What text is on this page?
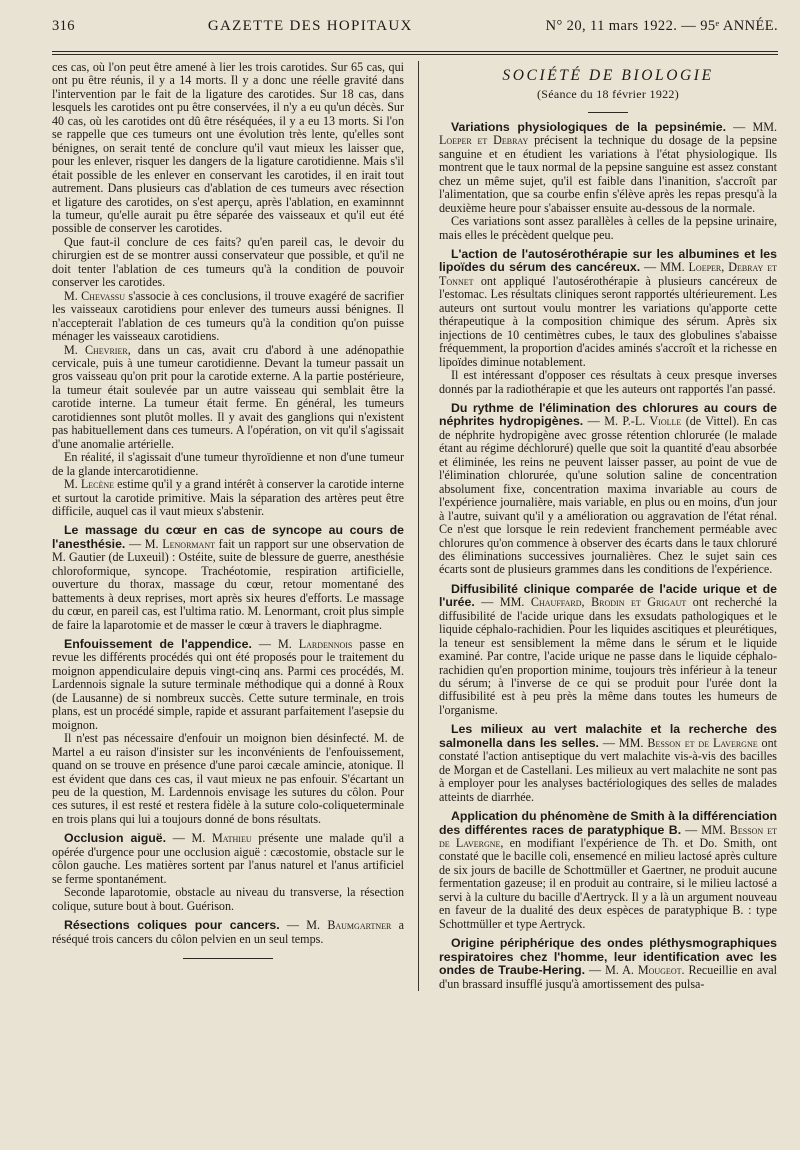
316	GAZETTE DES HOPITAUX	N° 20, 11 mars 1922. — 95ᵉ ANNÉE.

ces cas, où l'on peut être amené à lier les trois carotides. Sur 65 cas, qui ont pu être réunis, il y a 14 morts. Il y a donc une réelle gravité dans l'intervention par le fait de la ligature des carotides. Sur 18 cas, dans lesquels les carotides ont pu être conservées, il n'y a eu qu'un décès. Sur 40 cas, où les carotides ont dû être réséquées, il y a eu 13 morts. Si l'on se rappelle que ces tumeurs ont une évolution très lente, qu'elles sont bénignes, on serait tenté de conclure qu'il vaut mieux les laisser que, pour les enlever, risquer les dangers de la ligature carotidienne. Mais s'il était possible de les enlever en conservant les carotides, il en irait tout autrement. Dans plusieurs cas d'ablation de ces tumeurs avec résection et ligature des carotides, on s'est aperçu, après l'ablation, en examinnnt la tumeur, qu'elle aurait pu être séparée des vaisseaux et qu'il eut été possible de conserver les carotides.

Que faut-il conclure de ces faits? qu'en pareil cas, le devoir du chirurgien est de se montrer aussi conservateur que possible, et qu'il ne doit tenter l'ablation de ces tumeurs qu'à la condition de pouvoir conserver les carotides.

M. Chevassu s'associe à ces conclusions, il trouve exagéré de sacrifier les vaisseaux carotidiens pour enlever des tumeurs aussi bénignes. Il n'accepterait l'ablation de ces tumeurs qu'à la condition qu'on puisse ménager les vaisseaux carotidiens.

M. Chevrier, dans un cas, avait cru d'abord à une adénopathie cervicale, puis à une tumeur carotidienne. Devant la tumeur passait un gros vaisseau qu'on prit pour la carotide externe. A la partie postérieure, la tumeur était soulevée par un autre vaisseau qui semblait être la carotide interne. La tumeur était ferme. En général, les tumeurs carotidiennes sont plutôt molles. Il y avait des ganglions qui n'existent pas habituellement dans ces tumeurs. A l'opération, on vit qu'il s'agissait d'une anomalie artérielle.

En réalité, il s'agissait d'une tumeur thyroïdienne et non d'une tumeur de la glande intercarotidienne.

M. Lecène estime qu'il y a grand intérêt à conserver la carotide interne et surtout la carotide primitive. Mais la séparation des artères peut être difficile, auquel cas il vaut mieux s'abstenir.

Le massage du cœur en cas de syncope au cours de l'anesthésie. — M. Lenormant fait un rapport sur une observation de M. Gautier (de Luxeuil) : Ostéite, suite de blessure de guerre, anesthésie chloroformique, syncope. Trachéotomie, respiration artificielle, ouverture du thorax, massage du cœur, retour momentané des battements à deux reprises, mort après six heures d'efforts. Le massage du cœur, en pareil cas, est l'ultima ratio. M. Lenormant, croit plus simple de faire la laparotomie et de masser le cœur à travers le diaphragme.

Enfouissement de l'appendice. — M. Lardennois passe en revue les différents procédés qui ont été proposés pour le traitement du moignon appendiculaire depuis vingt-cinq ans. Parmi ces procédés, M. Lardennois signale la suture terminale méthodique qui a donné à Roux (de Lausanne) de si nombreux succès. Cette suture terminale, en trois plans, est un procédé simple, rapide et assurant parfaitement l'asepsie du moignon.

Il n'est pas nécessaire d'enfouir un moignon bien désinfecté. M. de Martel a eu raison d'insister sur les inconvénients de l'enfouissement, quand on se trouve en présence d'une paroi cæcale amincie, atonique. Il est évident que dans ces cas, il vaut mieux ne pas enfouir. S'écartant un peu de la question, M. Lardennois envisage les sutures du côlon. Pour ces sutures, il est resté et restera fidèle à la suture colo-coliqueterminale en trois plans qui lui a toujours donné de bons résultats.

Occlusion aiguë. — M. Mathieu présente une malade qu'il a opérée d'urgence pour une occlusion aiguë : cæcostomie, obstacle sur le côlon gauche. Les matières sortent par l'anus naturel et l'anus artificiel se ferme spontanément.

Seconde laparotomie, obstacle au niveau du transverse, la résection colique, suture bout à bout. Guérison.

Résections coliques pour cancers. — M. Baumgartner a réséqué trois cancers du côlon pelvien en un seul temps.

SOCIÉTÉ DE BIOLOGIE
(Séance du 18 février 1922)

Variations physiologiques de la pepsinémie. — MM. Loeper et Debray précisent la technique du dosage de la pepsine sanguine et en étudient les variations à l'état physiologique. Ils montrent que le taux normal de la pepsine sanguine est assez constant chez un même sujet, qu'il est faible dans l'inanition, s'accroît par l'alimentation, que sa courbe enfin s'élève après les repas presqu'à la deuxième heure pour s'abaisser ensuite au-dessous de la normale.

Ces variations sont assez parallèles à celles de la pepsine urinaire, mais elles le précèdent quelque peu.

L'action de l'autosérothérapie sur les albumines et les lipoïdes du sérum des cancéreux. — MM. Loeper, Debray et Tonnet ont appliqué l'autosérothérapie à plusieurs cancéreux de l'estomac. Les résultats cliniques seront rapportés ultérieurement. Les auteurs ont surtout voulu montrer les variations qu'apporte cette thérapeutique à la composition chimique des sérum. Après six injections de 10 centimètres cubes, le taux des globulines s'abaisse fréquemment, la proportion d'acides aminés s'accroît et la richesse en lipoïdes diminue notablement.

Il est intéressant d'opposer ces résultats à ceux presque inverses donnés par la radiothérapie et que les auteurs ont rapportés l'an passé.

Du rythme de l'élimination des chlorures au cours de néphrites hydropigènes. — M. P.-L. Violle (de Vittel). En cas de néphrite hydropigène avec grosse rétention chlorurée (le malade étant au régime déchloruré) quelle que soit la quantité d'eau absorbée et éliminée, les reins ne peuvent laisser passer, au point de vue de l'élimination chlorurée, qu'une solution saline de concentration absolument fixe, concentration maxima invariable au cours de l'expérience journalière, mais variable, en plus ou en moins, d'un jour à l'autre, suivant qu'il y a amélioration ou aggravation de l'état rénal. Ce n'est que lorsque le rein redevient franchement perméable avec chlorures qu'on commence à observer des écarts dans le taux chloruré des éliminations successives journalières. Chez le sujet sain ces écarts sont de plusieurs grammes dans les conditions de l'expérience.

Diffusibilité clinique comparée de l'acide urique et de l'urée. — MM. Chauffard, Brodin et Grigaut ont recherché la diffusibilité de l'acide urique dans les exsudats pathologiques et le liquide céphalo-rachidien. Pour les liquides ascitiques et pleurétiques, la teneur est sensiblement la même dans le sérum et le liquide examiné. Par contre, l'acide urique ne passe dans le liquide céphalo-rachidien qu'en proportion minime, toujours très inférieur à la teneur du sérum; à l'inverse de ce qui se produit pour l'urée dont la diffusibilité est à peu près la même dans toutes les humeurs de l'organisme.

Les milieux au vert malachite et la recherche des salmonella dans les selles. — MM. Besson et de Lavergne ont constaté l'action antiseptique du vert malachite vis-à-vis des bacilles de Morgan et de Castellani. Les milieux au vert malachite ne sont pas à employer pour les analyses bactériologiques des selles de malades atteints de diarrhée.

Application du phénomène de Smith à la différenciation des différentes races de paratyphique B. — MM. Besson et de Lavergne, en modifiant l'expérience de Th. et Do. Smith, ont constaté que le bacille coli, ensemencé en milieu lactosé après culture de six jours de bacille de Schottmüller et Gaertner, ne produit aucune fermentation gazeuse; il en produit au contraire, si le milieu lactosé a servi à la culture du bacille d'Aertryck. Il y a là un argument nouveau en faveur de la dualité des deux espèces de paratyphique B. : type Schottmüller et type Aertryck.

Origine périphérique des ondes pléthysmographiques respiratoires chez l'homme, leur identification avec les ondes de Traube-Hering. — M. A. Mougeot. Recueillie en aval d'un brassard insufflé jusqu'à amortissement des pulsa-
